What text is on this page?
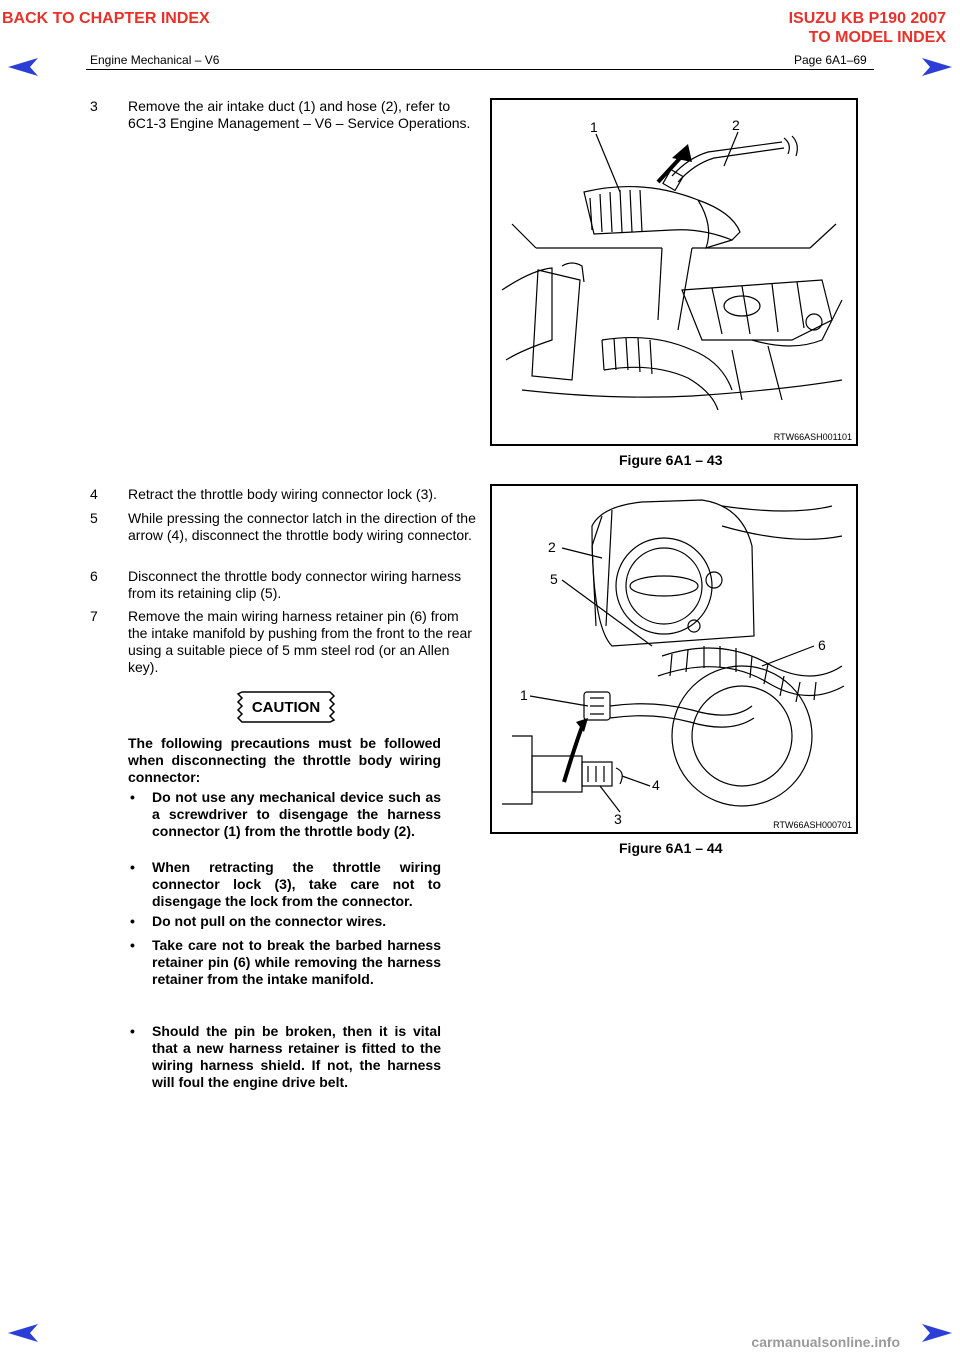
BACK TO CHAPTER INDEX	ISUZU KB P190 2007
TO MODEL INDEX
Engine Mechanical – V6	Page 6A1–69
3 Remove the air intake duct (1) and hose (2), refer to 6C1-3 Engine Management – V6 – Service Operations.	1	2
RTW66ASH001101
Figure 6A1 – 43
4 Retract the throttle body wiring connector lock (3).
5 While pressing the connector latch in the direction of the arrow (4), disconnect the throttle body wiring connector.
6 Disconnect the throttle body connector wiring harness from its retaining clip (5).
7 Remove the main wiring harness retainer pin (6) from the intake manifold by pushing from the front to the rear using a suitable piece of 5 mm steel rod (or an Allen key).
CAUTION
The following precautions must be followed when disconnecting the throttle body wiring connector:
• Do not use any mechanical device such as a screwdriver to disengage the harness connector (1) from the throttle body (2).
• When retracting the throttle wiring connector lock (3), take care not to disengage the lock from the connector.
• Do not pull on the connector wires.
• Take care not to break the barbed harness retainer pin (6) while removing the harness retainer from the intake manifold.
• Should the pin be broken, then it is vital that a new harness retainer is fitted to the wiring harness shield. If not, the harness will foul the engine drive belt.
2
5
6
1
4
3	RTW66ASH000701
Figure 6A1 – 44
carmanualsonline.info
